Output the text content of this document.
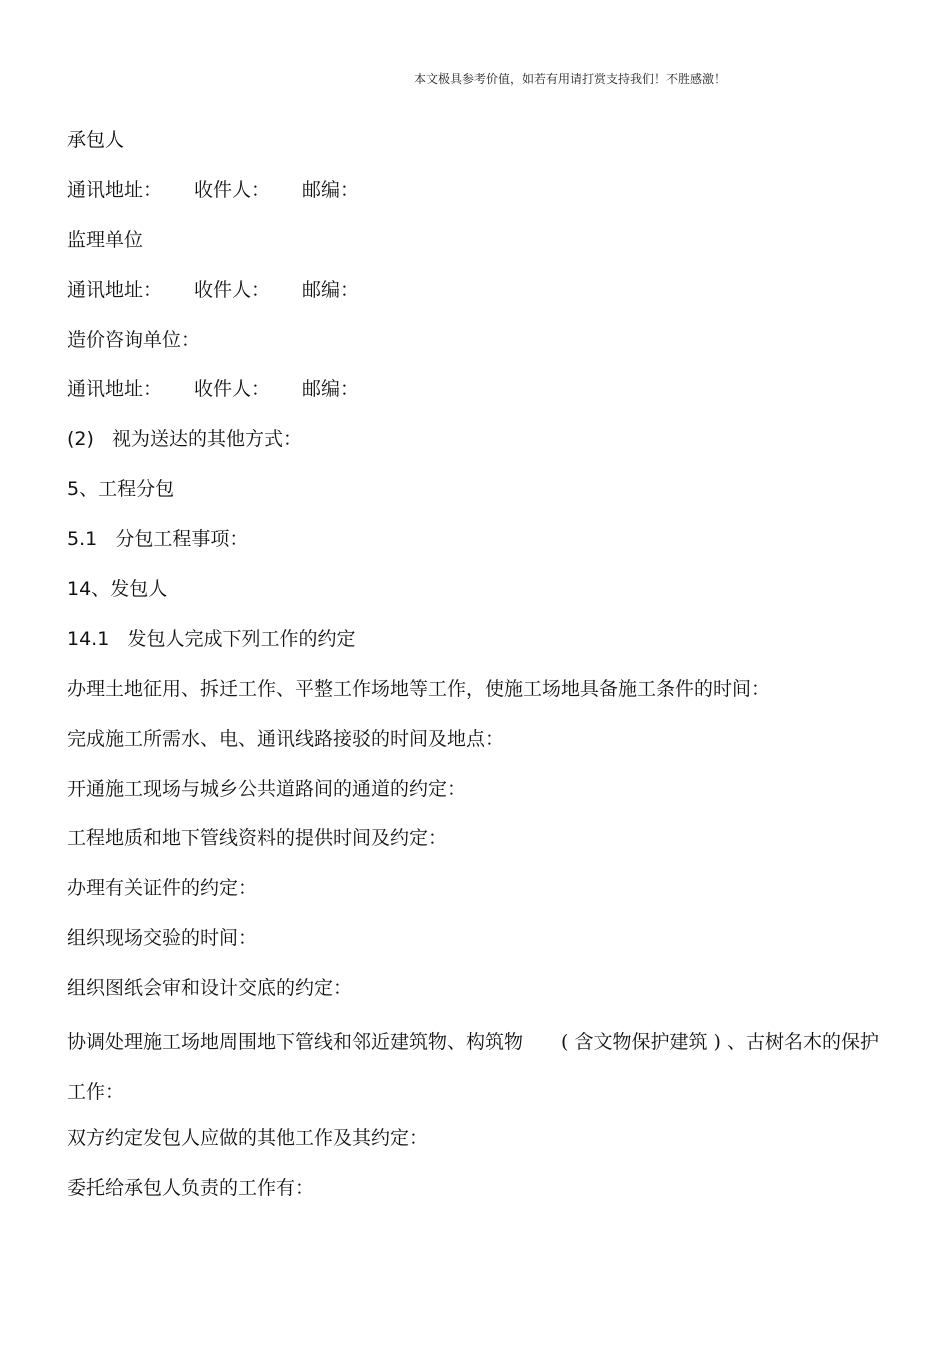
本文极具参考价值，如若有用请打赏支持我们！不胜感激！
承包人
通讯地址： 收件人： 邮编：
监理单位
通讯地址： 收件人： 邮编：
造价咨询单位：
通讯地址： 收件人： 邮编：
(2) 视为送达的其他方式：
5、工程分包
5.1 分包工程事项：
14、发包人
14.1 发包人完成下列工作的约定
办理土地征用、拆迁工作、平整工作场地等工作，使施工场地具备施工条件的时间：
完成施工所需水、电、通讯线路接驳的时间及地点：
开通施工现场与城乡公共道路间的通道的约定：
工程地质和地下管线资料的提供时间及约定：
办理有关证件的约定：
组织现场交验的时间：
组织图纸会审和设计交底的约定：
协调处理施工场地周围地下管线和邻近建筑物、构筑物　　( 含文物保护建筑 ) 、古树名木的保护工作：
双方约定发包人应做的其他工作及其约定：
委托给承包人负责的工作有：
